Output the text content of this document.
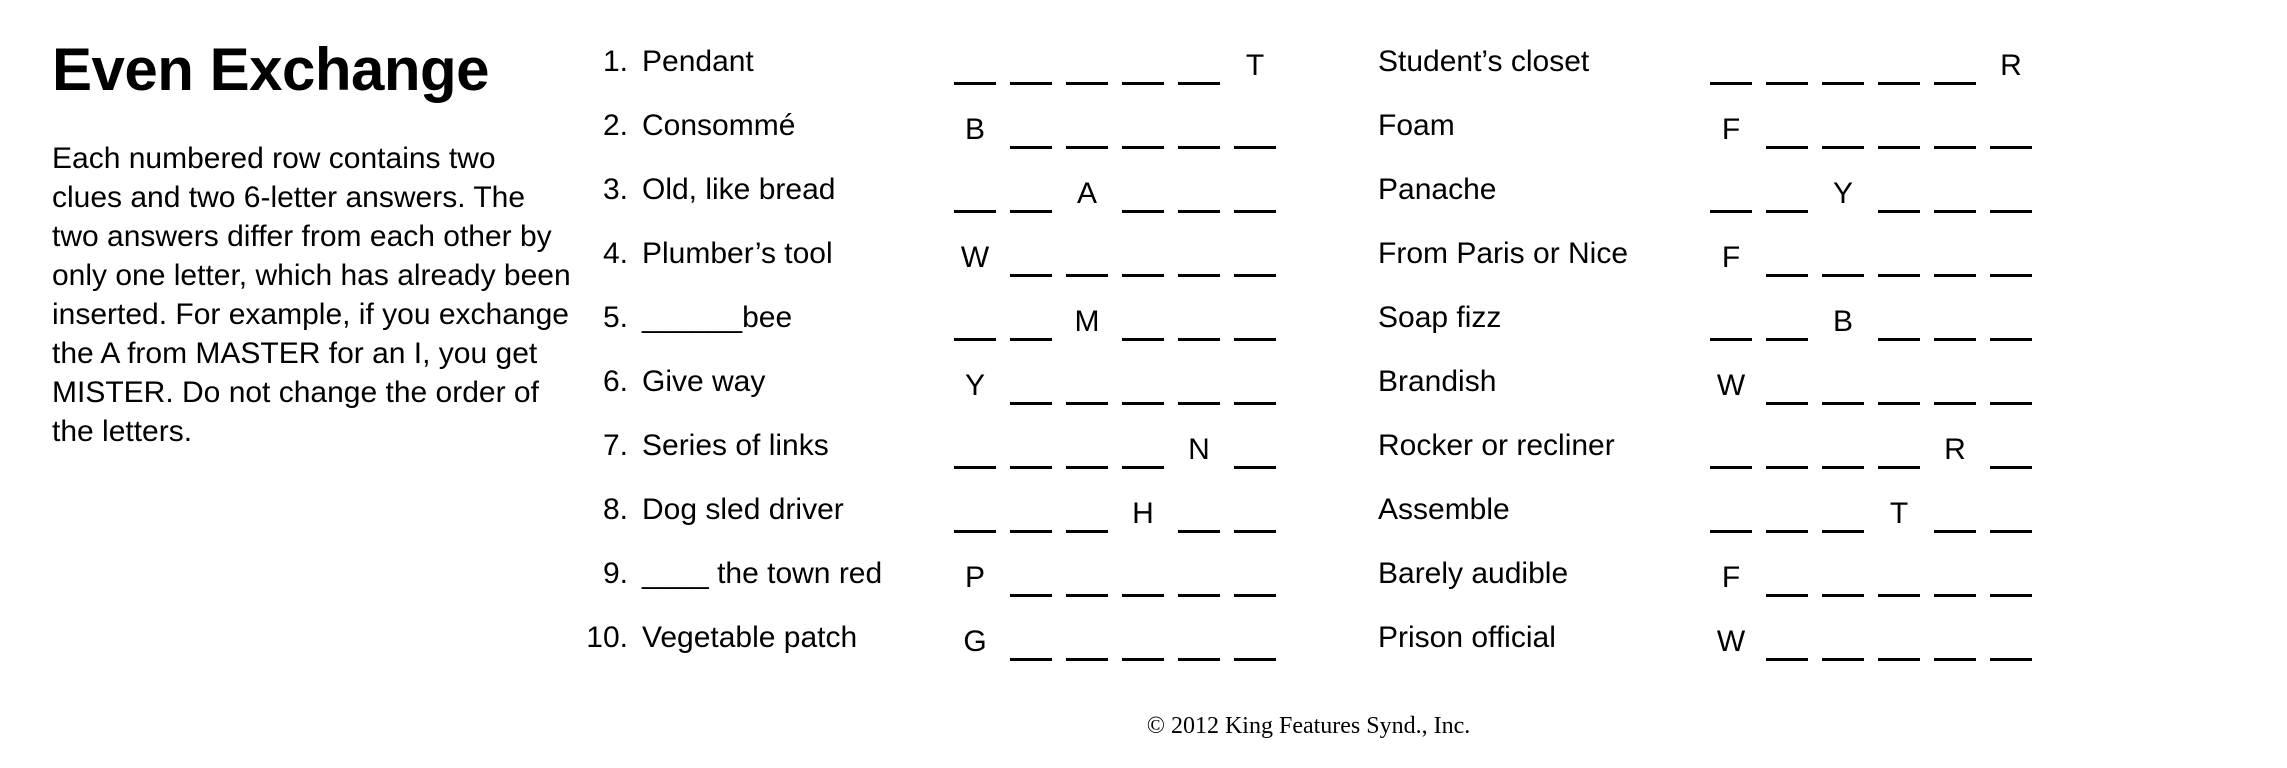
Even Exchange

Each numbered row contains two clues and two 6-letter answers. The two answers differ from each other by only one letter, which has already been inserted. For example, if you exchange the A from MASTER for an I, you get MISTER. Do not change the order of the letters.

1. Pendant	T	Student’s closet	R
2. Consommé	B	Foam	F
3. Old, like bread	A	Panache	Y
4. Plumber’s tool	W	From Paris or Nice	F
5. ______bee	M	Soap fizz	B
6. Give way	Y	Brandish	W
7. Series of links	N	Rocker or recliner	R
8. Dog sled driver	H	Assemble	T
9. ____ the town red	P	Barely audible	F
10. Vegetable patch	G	Prison official	W
© 2012 King Features Synd., Inc.
